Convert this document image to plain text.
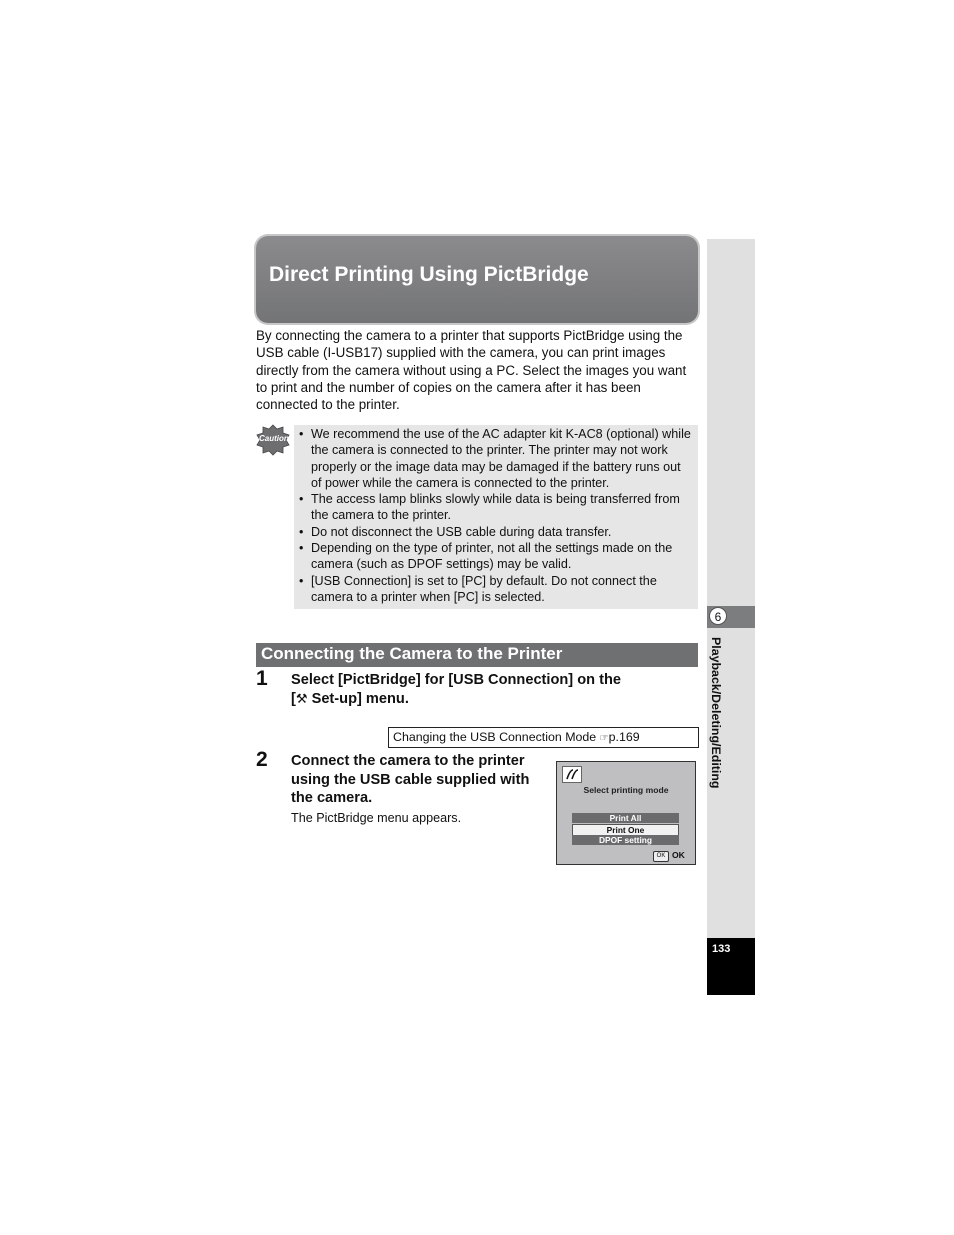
Direct Printing Using PictBridge
By connecting the camera to a printer that supports PictBridge using the
USB cable (I-USB17) supplied with the camera, you can print images
directly from the camera without using a PC. Select the images you want
to print and the number of copies on the camera after it has been
connected to the printer.
Caution
•	We recommend the use of the AC adapter kit K-AC8 (optional) while the camera is connected to the printer. The printer may not work properly or the image data may be damaged if the battery runs out of power while the camera is connected to the printer.
• The access lamp blinks slowly while data is being transferred from the camera to the printer.
• Do not disconnect the USB cable during data transfer.
• Depending on the type of printer, not all the settings made on the camera (such as DPOF settings) may be valid.
• [USB Connection] is set to [PC] by default. Do not connect the camera to a printer when [PC] is selected.
Connecting the Camera to the Printer
1 Select [PictBridge] for [USB Connection] on the
[⚒ Set-up] menu.
Changing the USB Connection Mode ☞p.169
2 Connect the camera to the printer
using the USB cable supplied with
the camera.
The PictBridge menu appears.
Select printing mode
Print All
Print One
DPOF setting
OK OK
6
Playback/Deleting/Editing
133
